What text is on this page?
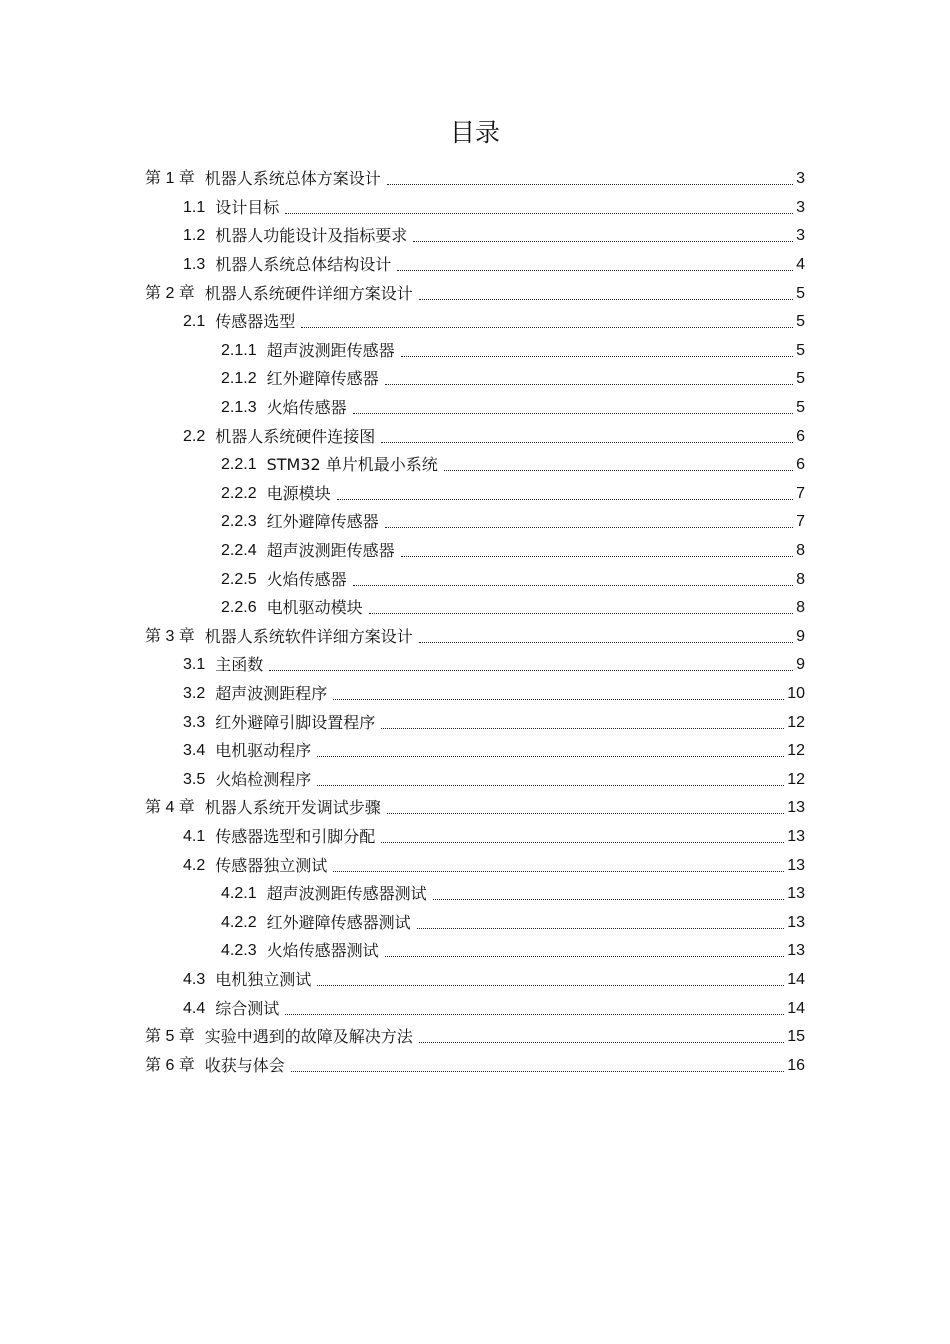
目录
第 1 章 机器人系统总体方案设计	3
1.1 设计目标	3
1.2 机器人功能设计及指标要求	3
1.3 机器人系统总体结构设计	4
第 2 章 机器人系统硬件详细方案设计	5
2.1 传感器选型	5
2.1.1 超声波测距传感器	5
2.1.2 红外避障传感器	5
2.1.3 火焰传感器	5
2.2 机器人系统硬件连接图	6
2.2.1 STM32 单片机最小系统	6
2.2.2 电源模块	7
2.2.3 红外避障传感器	7
2.2.4 超声波测距传感器	8
2.2.5 火焰传感器	8
2.2.6 电机驱动模块	8
第 3 章 机器人系统软件详细方案设计	9
3.1 主函数	9
3.2 超声波测距程序	10
3.3 红外避障引脚设置程序	12
3.4 电机驱动程序	12
3.5 火焰检测程序	12
第 4 章 机器人系统开发调试步骤	13
4.1 传感器选型和引脚分配	13
4.2 传感器独立测试	13
4.2.1 超声波测距传感器测试	13
4.2.2 红外避障传感器测试	13
4.2.3 火焰传感器测试	13
4.3 电机独立测试	14
4.4 综合测试	14
第 5 章 实验中遇到的故障及解决方法	15
第 6 章 收获与体会	16
